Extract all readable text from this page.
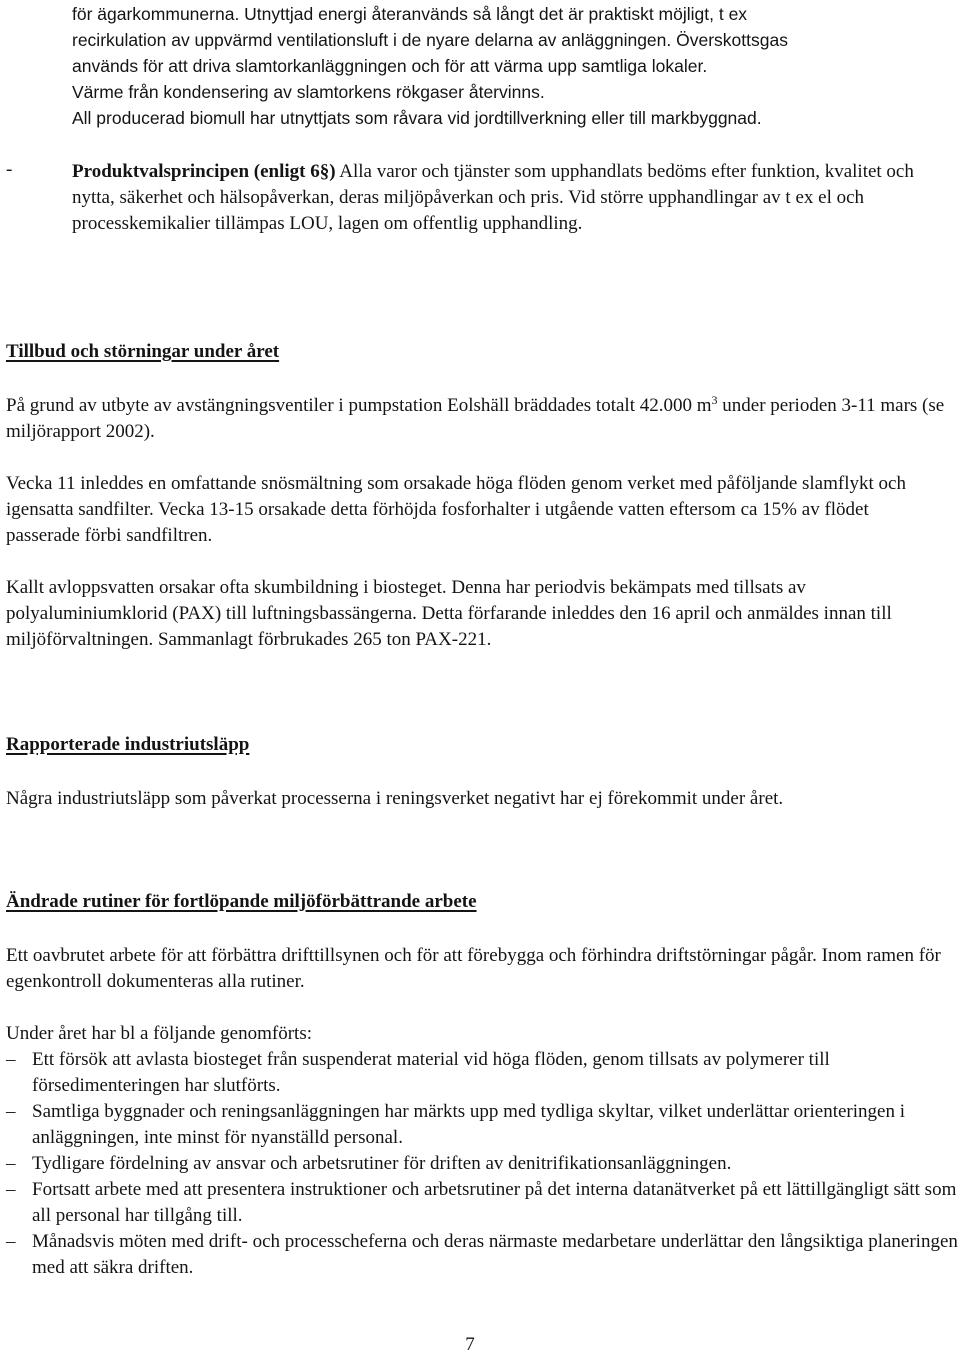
för ägarkommunerna. Utnyttjad energi återanvänds så långt det är praktiskt möjligt, t ex

recirkulation av uppvärmd ventilationsluft i de nyare delarna av anläggningen. Överskottsgas

används för att driva slamtorkanläggningen och för att värma upp samtliga lokaler.

Värme från kondensering av slamtorkens rökgaser återvinns.

All producerad biomull har utnyttjats som råvara vid jordtillverkning eller till markbyggnad.

-	Produktvalsprincipen (enligt 6§) Alla varor och tjänster som upphandlats bedöms efter funktion, kvalitet och nytta, säkerhet och hälsopåverkan, deras miljöpåverkan och pris. Vid större upphandlingar av t ex el och processkemikalier tillämpas LOU, lagen om offentlig upphandling.

Tillbud och störningar under året

På grund av utbyte av avstängningsventiler i pumpstation Eolshäll bräddades totalt 42.000 $m^3$ under perioden 3-11 mars (se miljörapport 2002).

Vecka 11 inleddes en omfattande snösmältning som orsakade höga flöden genom verket med påföljande slamflykt och igensatta sandfilter. Vecka 13-15 orsakade detta förhöjda fosforhalter i utgående vatten eftersom ca 15% av flödet passerade förbi sandfiltren.

Kallt avloppsvatten orsakar ofta skumbildning i biosteget. Denna har periodvis bekämpats med tillsats av polyaluminiumklorid (PAX) till luftningsbassängerna. Detta förfarande inleddes den 16 april och anmäldes innan till miljöförvaltningen. Sammanlagt förbrukades 265 ton PAX-221.

Rapporterade industriutsläpp

Några industriutsläpp som påverkat processerna i reningsverket negativt har ej förekommit under året.

Ändrade rutiner för fortlöpande miljöförbättrande arbete

Ett oavbrutet arbete för att förbättra drifttillsynen och för att förebygga och förhindra driftstörningar pågår. Inom ramen för egenkontroll dokumenteras alla rutiner.

Under året har bl a följande genomförts:

– Ett försök att avlasta biosteget från suspenderat material vid höga flöden, genom tillsats av polymerer till försedimenteringen har slutförts.
– Samtliga byggnader och reningsanläggningen har märkts upp med tydliga skyltar, vilket underlättar orienteringen i anläggningen, inte minst för nyanställd personal.
– Tydligare fördelning av ansvar och arbetsrutiner för driften av denitrifikationsanläggningen.
– Fortsatt arbete med att presentera instruktioner och arbetsrutiner på det interna datanätverket på ett lättillgängligt sätt som all personal har tillgång till.
– Månadsvis möten med drift- och processcheferna och deras närmaste medarbetare underlättar den långsiktiga planeringen med att säkra driften.
7
